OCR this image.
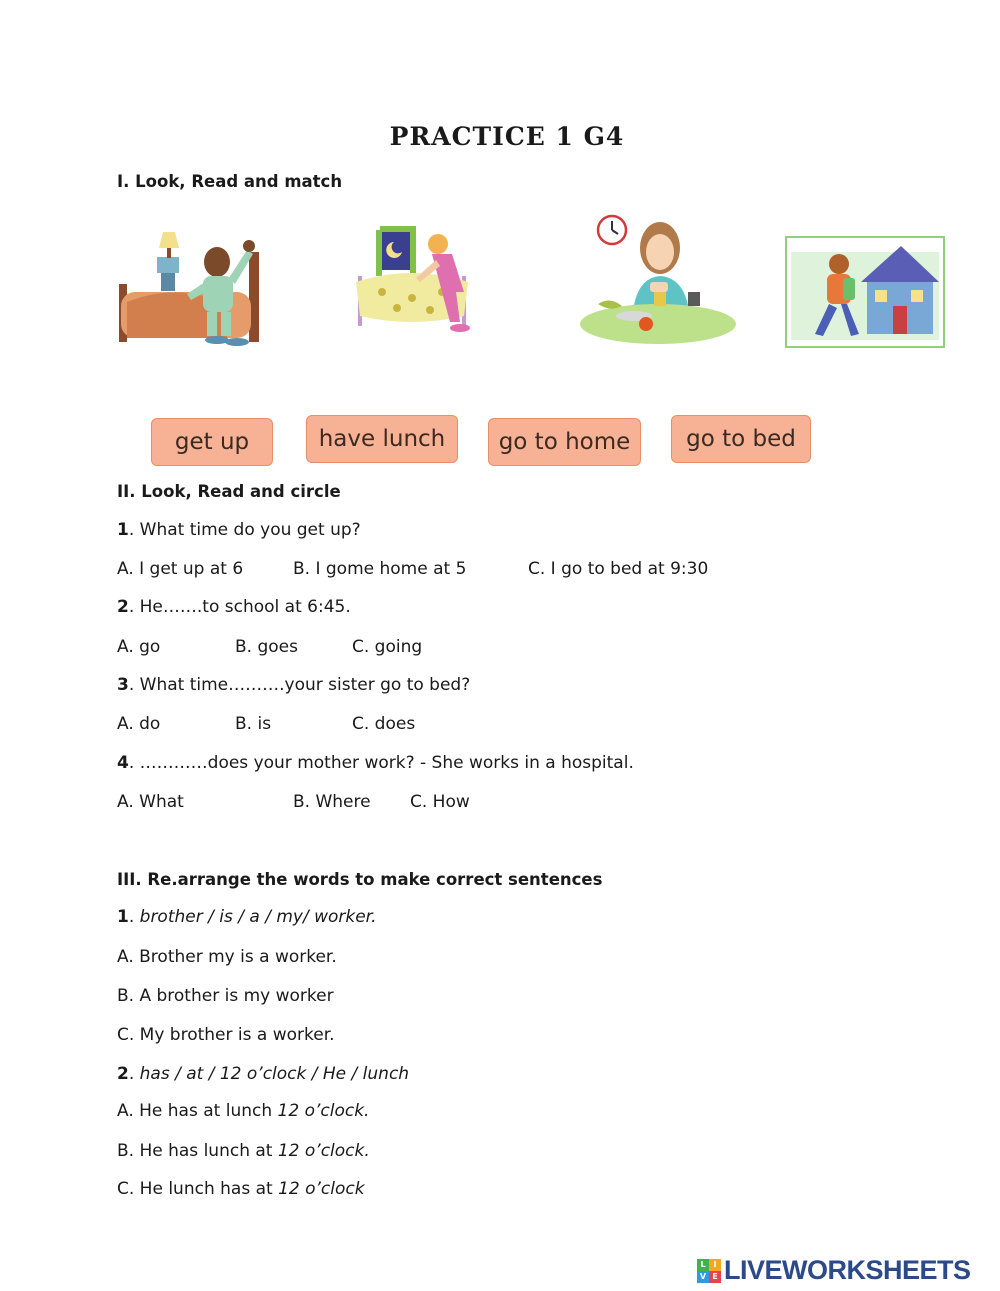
PRACTICE 1 G4
I. Look, Read and match
get up	have lunch	go to home	go to bed
II. Look, Read and circle
1. What time do you get up?
A. I get up at 6	B. I gome home at 5	C. I go to bed at 9:30
2. He…….to school at 6:45.
A. go	B. goes	C. going
3. What time……….your sister go to bed?
A. do	B. is	C. does
4. …………does your mother work? - She works in a hospital.
A. What	B. Where C. How
III. Re.arrange the words to make correct sentences
1. brother / is / a / my/ worker.
A. Brother my is a worker.
B. A brother is my worker
C. My brother is a worker.
2. has / at / 12 o’clock / He / lunch
A. He has at lunch 12 o’clock.
B. He has lunch at 12 o’clock.
C. He lunch has at 12 o’clock
L I
V E LIVEWORKSHEETS
